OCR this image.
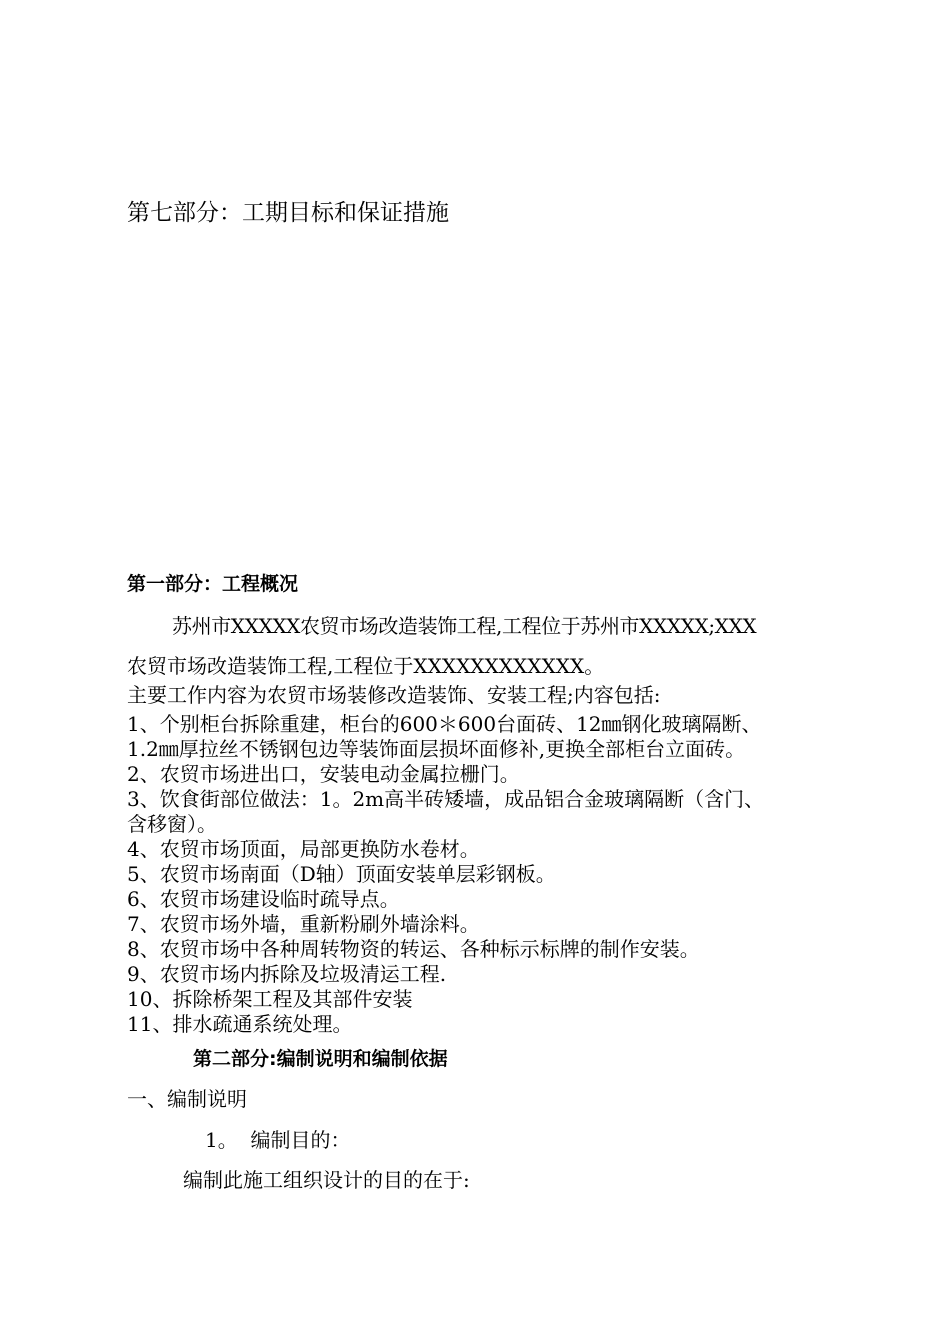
第七部分：工期目标和保证措施
第一部分：工程概况
苏州市XXXXX农贸市场改造装饰工程,工程位于苏州市XXXXX;XXX
农贸市场改造装饰工程,工程位于XXXXXXXXXXXX。
主要工作内容为农贸市场装修改造装饰、安装工程;内容包括:
1、个别柜台拆除重建，柜台的600＊600台面砖、12㎜钢化玻璃隔断、
1.2㎜厚拉丝不锈钢包边等装饰面层损坏面修补,更换全部柜台立面砖。
2、农贸市场进出口，安装电动金属拉栅门。
3、饮食街部位做法：1。2m高半砖矮墙，成品铝合金玻璃隔断（含门、
含移窗）。
4、农贸市场顶面，局部更换防水卷材。
5、农贸市场南面（D轴）顶面安装单层彩钢板。
6、农贸市场建设临时疏导点。
7、农贸市场外墙，重新粉刷外墙涂料。
8、农贸市场中各种周转物资的转运、各种标示标牌的制作安装。
9、农贸市场内拆除及垃圾清运工程.
10、拆除桥架工程及其部件安装
11、排水疏通系统处理。
第二部分:编制说明和编制依据
一、编制说明
1。  编制目的：
编制此施工组织设计的目的在于:
